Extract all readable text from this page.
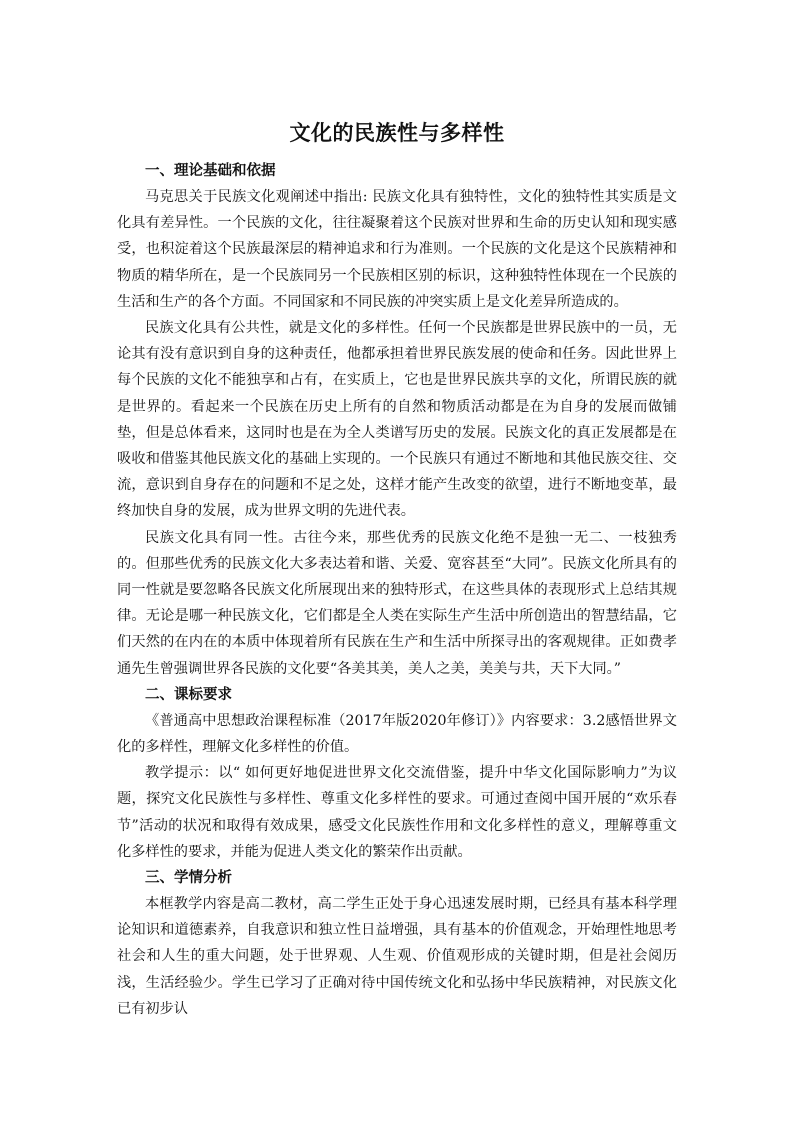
文化的民族性与多样性
一、理论基础和依据

马克思关于民族文化观阐述中指出: 民族文化具有独特性，文化的独特性其实质是文化具有差异性。一个民族的文化，往往凝聚着这个民族对世界和生命的历史认知和现实感受，也积淀着这个民族最深层的精神追求和行为准则。一个民族的文化是这个民族精神和物质的精华所在，是一个民族同另一个民族相区别的标识，这种独特性体现在一个民族的生活和生产的各个方面。不同国家和不同民族的冲突实质上是文化差异所造成的。

民族文化具有公共性，就是文化的多样性。任何一个民族都是世界民族中的一员，无论其有没有意识到自身的这种责任，他都承担着世界民族发展的使命和任务。因此世界上每个民族的文化不能独享和占有，在实质上，它也是世界民族共享的文化，所谓民族的就是世界的。看起来一个民族在历史上所有的自然和物质活动都是在为自身的发展而做铺垫，但是总体看来，这同时也是在为全人类谱写历史的发展。民族文化的真正发展都是在吸收和借鉴其他民族文化的基础上实现的。一个民族只有通过不断地和其他民族交往、交流，意识到自身存在的问题和不足之处，这样才能产生改变的欲望，进行不断地变革，最终加快自身的发展，成为世界文明的先进代表。

民族文化具有同一性。古往今来，那些优秀的民族文化绝不是独一无二、一枝独秀的。但那些优秀的民族文化大多表达着和谐、关爱、宽容甚至“大同”。民族文化所具有的同一性就是要忽略各民族文化所展现出来的独特形式，在这些具体的表现形式上总结其规律。无论是哪一种民族文化，它们都是全人类在实际生产生活中所创造出的智慧结晶，它们天然的在内在的本质中体现着所有民族在生产和生活中所探寻出的客观规律。正如费孝通先生曾强调世界各民族的文化要“各美其美，美人之美，美美与共，天下大同。”

二、课标要求

《普通高中思想政治课程标准（2017年版2020年修订）》内容要求：3.2感悟世界文化的多样性，理解文化多样性的价值。

教学提示：以“ 如何更好地促进世界文化交流借鉴，提升中华文化国际影响力”为议题，探究文化民族性与多样性、尊重文化多样性的要求。可通过查阅中国开展的“欢乐春节”活动的状况和取得有效成果，感受文化民族性作用和文化多样性的意义，理解尊重文化多样性的要求，并能为促进人类文化的繁荣作出贡献。

三、学情分析

本框教学内容是高二教材，高二学生正处于身心迅速发展时期，已经具有基本科学理论知识和道德素养，自我意识和独立性日益增强，具有基本的价值观念，开始理性地思考社会和人生的重大问题，处于世界观、人生观、价值观形成的关键时期，但是社会阅历浅，生活经验少。学生已学习了正确对待中国传统文化和弘扬中华民族精神，对民族文化已有初步认
